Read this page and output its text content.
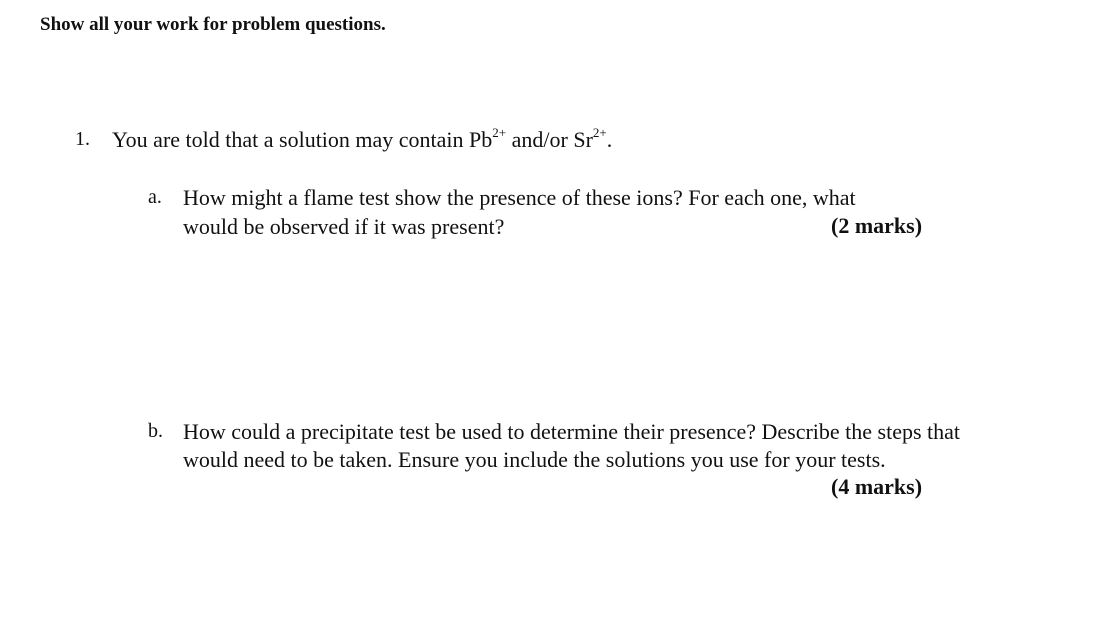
Show all your work for problem questions.
1. You are told that a solution may contain $Pb^{2+}$ and/or $Sr^{2+}$.
a. How might a flame test show the presence of these ions? For each one, what
would be observed if it was present?	(2 marks)
b. How could a precipitate test be used to determine their presence? Describe the steps that
would need to be taken. Ensure you include the solutions you use for your tests.
(4 marks)
